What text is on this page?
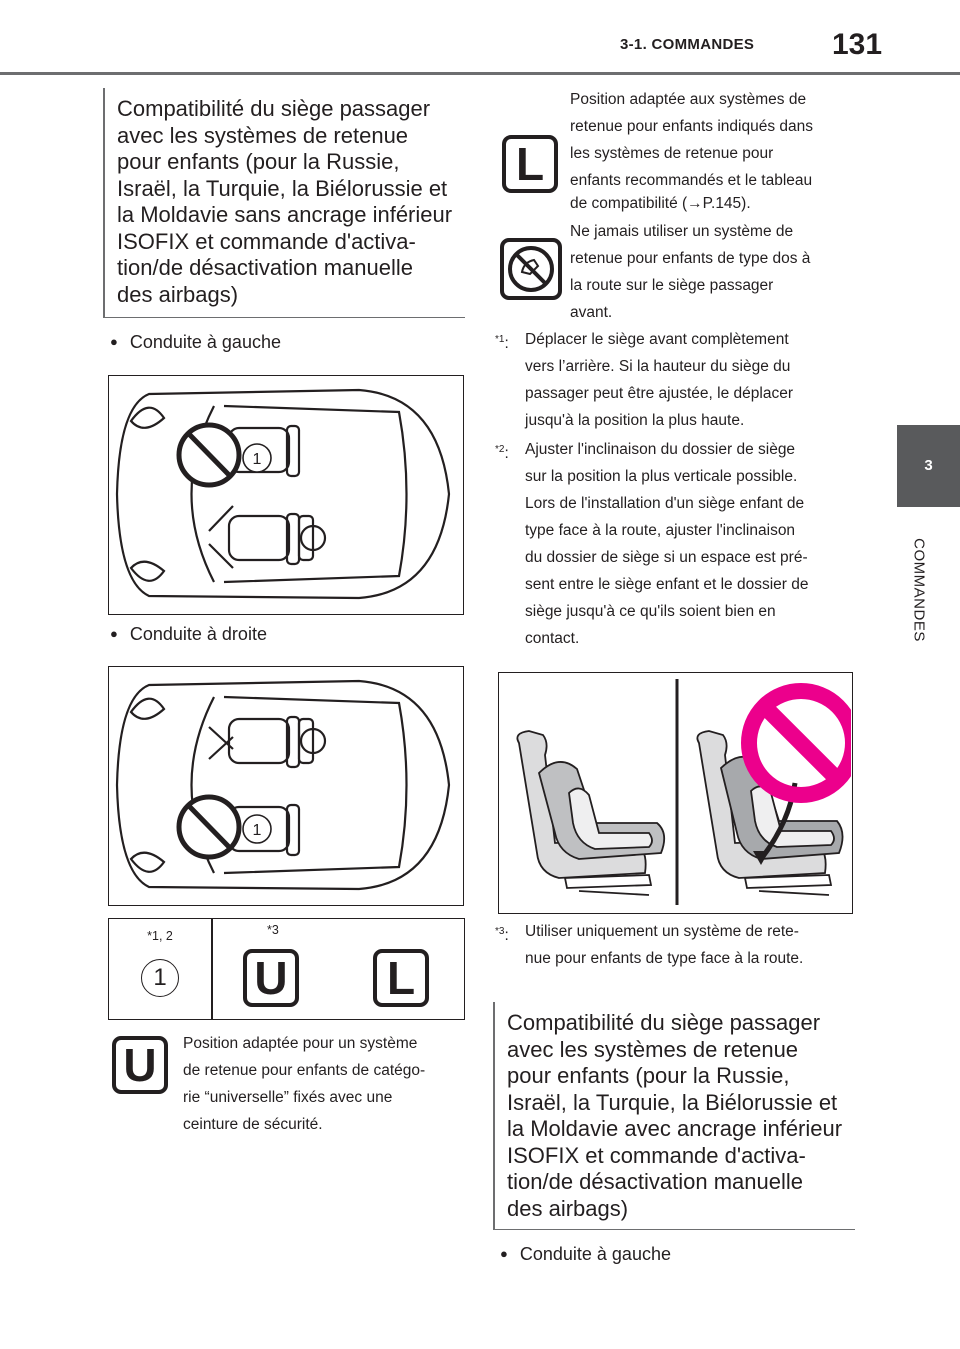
3-1. COMMANDES	131
3
COMMANDES
Compatibilité du siège passager
avec les systèmes de retenue
pour enfants (pour la Russie,
Israël, la Turquie, la Biélorussie et
la Moldavie sans ancrage inférieur
ISOFIX et commande d'activa-
tion/de désactivation manuelle
des airbags)
● Conduite à gauche
1
● Conduite à droite
1
*1, 2	*3
1 U	L
U	Position adaptée pour un système
de retenue pour enfants de catégo-
rie “universelle” fixés avec une
ceinture de sécurité.
L
Position adaptée aux systèmes de
retenue pour enfants indiqués dans
les systèmes de retenue pour
enfants recommandés et le tableau
de compatibilité (→P.145).
Ne jamais utiliser un système de
retenue pour enfants de type dos à
la route sur le siège passager
avant.
$^{*1}$: Déplacer le siège avant complètement
vers l’arrière. Si la hauteur du siège du
passager peut être ajustée, le déplacer
jusqu'à la position la plus haute.
$^{*2}$: Ajuster l'inclinaison du dossier de siège
sur la position la plus verticale possible.
Lors de l'installation d'un siège enfant de
type face à la route, ajuster l'inclinaison
du dossier de siège si un espace est pré-
sent entre le siège enfant et le dossier de
siège jusqu'à ce qu'ils soient bien en
contact.
$^{*3}$: Utiliser uniquement un système de rete-
nue pour enfants de type face à la route.
Compatibilité du siège passager
avec les systèmes de retenue
pour enfants (pour la Russie,
Israël, la Turquie, la Biélorussie et
la Moldavie avec ancrage inférieur
ISOFIX et commande d'activa-
tion/de désactivation manuelle
des airbags)
● Conduite à gauche
